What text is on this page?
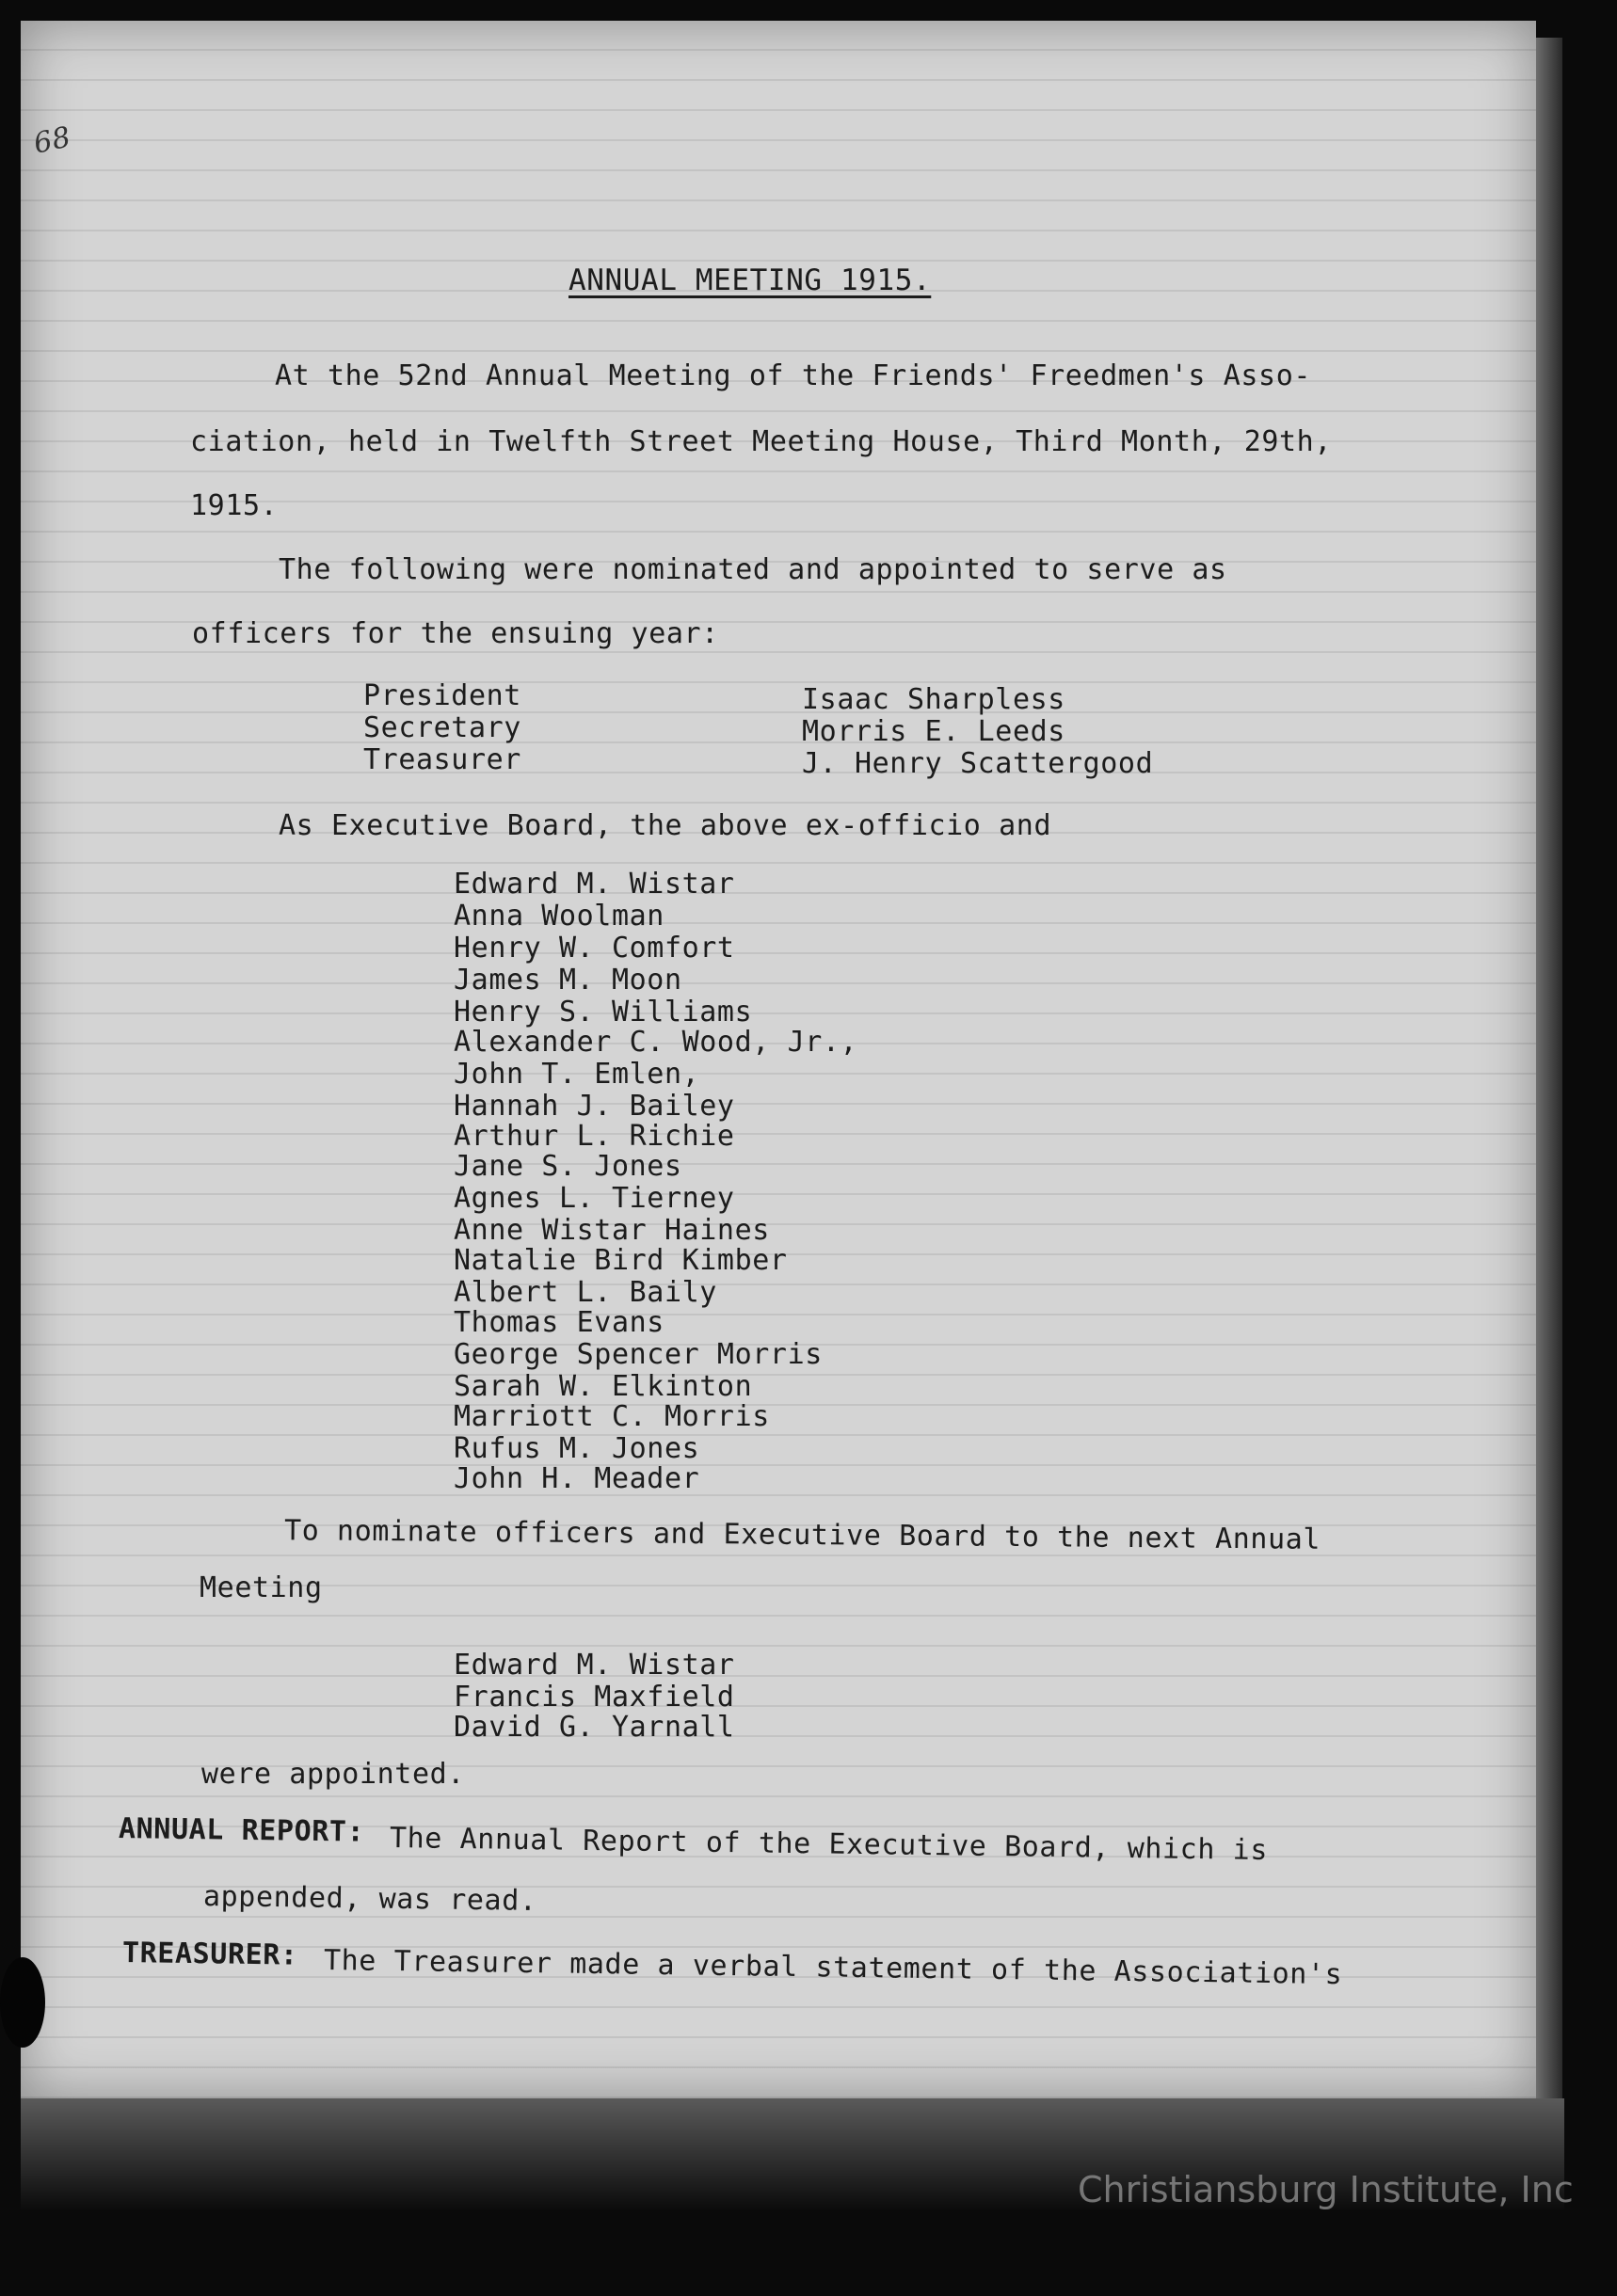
68
ANNUAL MEETING 1915.
At the 52nd Annual Meeting of the Friends' Freedmen's Asso-
ciation, held in Twelfth Street Meeting House, Third Month, 29th,
1915.
The following were nominated and appointed to serve as
officers for the ensuing year:
President	Isaac Sharpless
Secretary	Morris E. Leeds
Treasurer	J. Henry Scattergood
As Executive Board, the above ex-officio and
Edward M. Wistar
Anna Woolman
Henry W. Comfort
James M. Moon
Henry S. Williams
Alexander C. Wood, Jr.,
John T. Emlen,
Hannah J. Bailey
Arthur L. Richie
Jane S. Jones
Agnes L. Tierney
Anne Wistar Haines
Natalie Bird Kimber
Albert L. Baily
Thomas Evans
George Spencer Morris
Sarah W. Elkinton
Marriott C. Morris
Rufus M. Jones
John H. Meader
To nominate officers and Executive Board to the next Annual
Meeting
Edward M. Wistar
Francis Maxfield
David G. Yarnall
were appointed.
ANNUAL REPORT: The Annual Report of the Executive Board, which is
appended, was read.
TREASURER: The Treasurer made a verbal statement of the Association's
Christiansburg Institute, Inc
